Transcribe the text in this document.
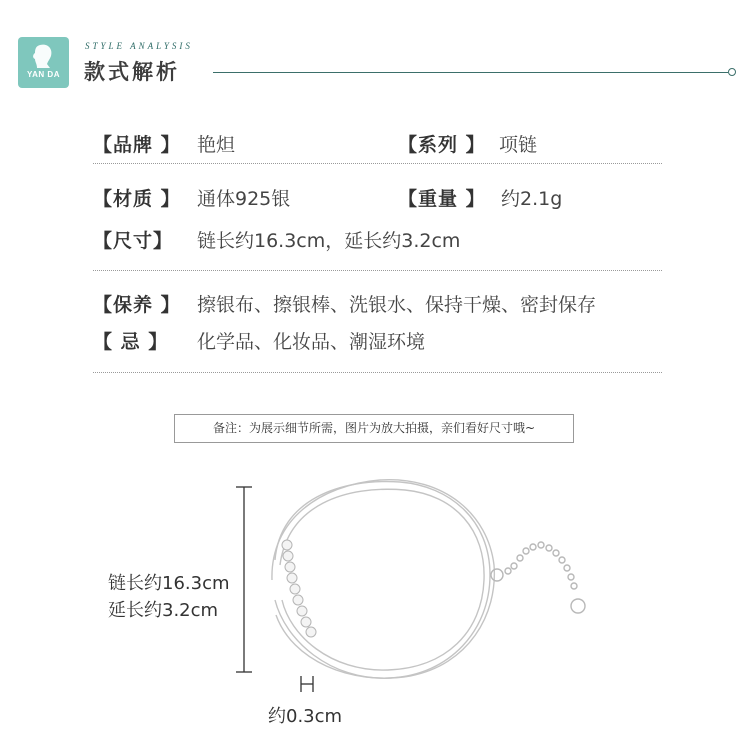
YAN DA
STYLE ANALYSIS
款式解析
【品牌 】 艳炟	【系列 】 项链
【材质 】 通体925银	【重量 】 约2.1g
【尺寸】 链长约16.3cm，延长约3.2cm
【保养 】 擦银布、擦银棒、洗银水、保持干燥、密封保存
【 忌 】 化学品、化妆品、潮湿环境
备注：为展示细节所需，图片为放大拍摄，亲们看好尺寸哦~
链长约16.3cm
延长约3.2cm
约0.3cm
